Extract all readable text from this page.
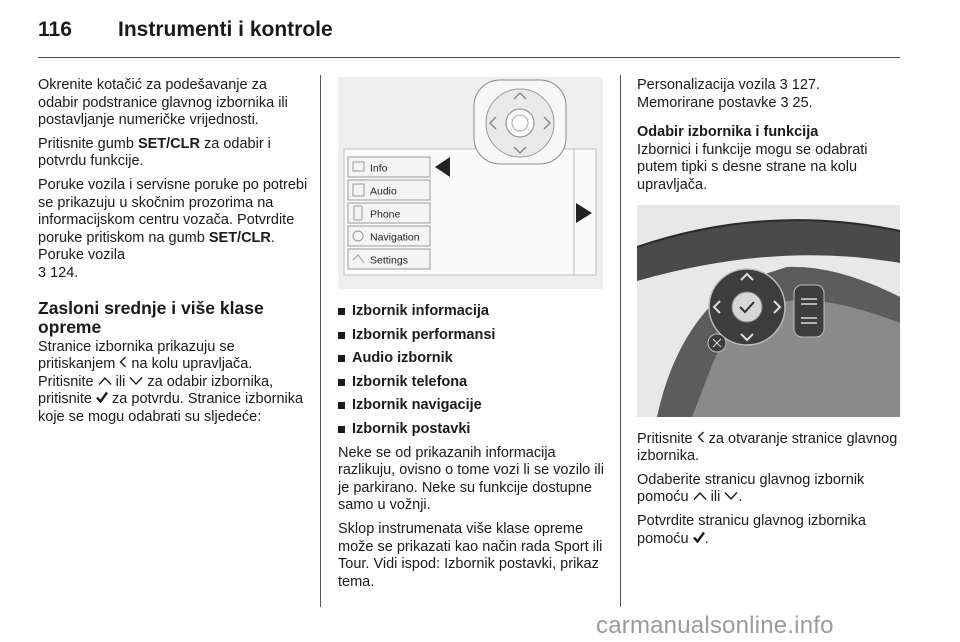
116 Instrumenti i kontrole

Okrenite kotačić za podešavanje za odabir podstranice glavnog izbornika ili postavljanje numeričke vrijednosti.

Pritisnite gumb SET/CLR za odabir i potvrdu funkcije.

Poruke vozila i servisne poruke po potrebi se prikazuju u skočnim prozorima na informacijskom centru vozača. Potvrdite poruke pritiskom na gumb SET/CLR. Poruke vozila
3 124.

Zasloni srednje i više klase opreme

Stranice izbornika prikazuju se pritiskanjem  na kolu upravljača. Pritisnite  ili  za odabir izbornika, pritisnite  za potvrdu. Stranice izbornika koje se mogu odabrati su sljedeće:

Info
Audio
Phone
Navigation
Settings
Izbornik informacija
Izbornik performansi
Audio izbornik
Izbornik telefona
Izbornik navigacije
Izbornik postavki

Neke se od prikazanih informacija razlikuju, ovisno o tome vozi li se vozilo ili je parkirano. Neke su funkcije dostupne samo u vožnji.

Sklop instrumenata više klase opreme može se prikazati kao način rada Sport ili Tour. Vidi ispod: Izbornik postavki, prikaz tema.

Personalizacija vozila 3 127.

Memorirane postavke 3 25.

Odabir izbornika i funkcija

Izbornici i funkcije mogu se odabrati putem tipki s desne strane na kolu upravljača.

Pritisnite  za otvaranje stranice glavnog izbornika.

Odaberite stranicu glavnog izbornik pomoću  ili .

Potvrdite stranicu glavnog izbornika pomoću .

carmanualsonline.info
